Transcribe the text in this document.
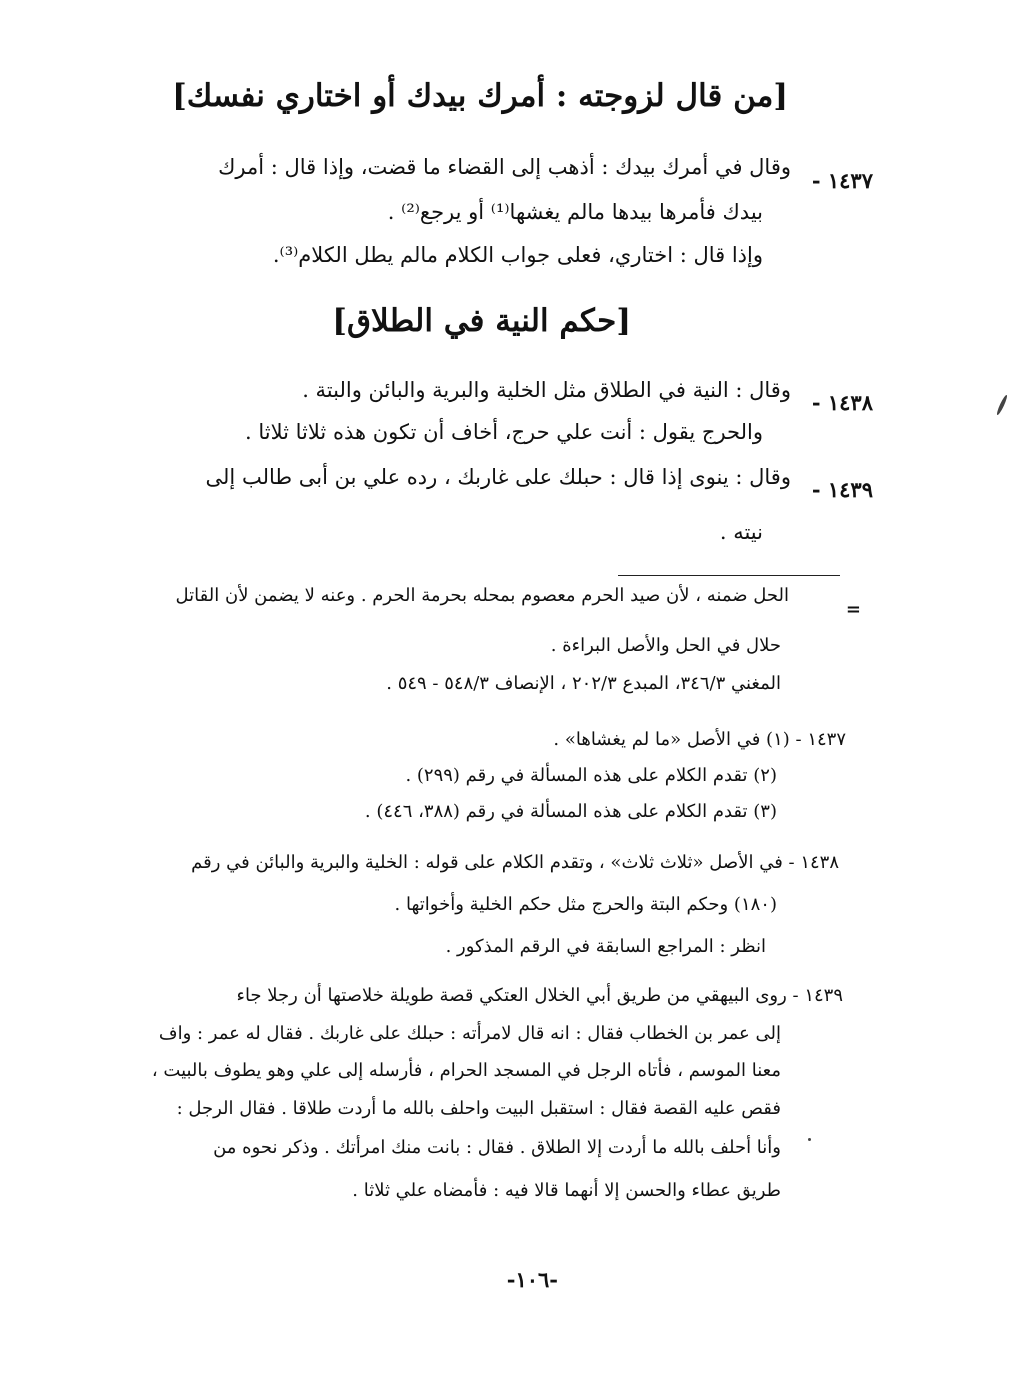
[من قال لزوجته : أمرك بيدك أو اختاري نفسك]
[حكم النية في الطلاق]
١٤٣٧ -
وقال في أمرك بيدك : أذهب إلى القضاء ما قضت، وإذا قال : أمرك
بيدك فأمرها بيدها مالم يغشها⁽¹⁾ أو يرجع⁽²⁾ .
وإذا قال : اختاري، فعلى جواب الكلام مالم يطل الكلام⁽³⁾.
١٤٣٨ -
وقال : النية في الطلاق مثل الخلية والبرية والبائن والبتة .
والحرج يقول : أنت علي حرج، أخاف أن تكون هذه ثلاثا ثلاثا .
١٤٣٩ -
وقال : ينوى إذا قال : حبلك على غاربك ، رده علي بن أبى طالب إلى
نيته .
=
الحل ضمنه ، لأن صيد الحرم معصوم بمحله بحرمة الحرم . وعنه لا يضمن لأن القاتل
حلال في الحل والأصل البراءة .
المغني ٣٤٦/٣، المبدع ٢٠٢/٣ ، الإنصاف ٥٤٨/٣ - ٥٤٩ .
١٤٣٧ - (١) في الأصل «ما لم يغشاها» .
(٢) تقدم الكلام على هذه المسألة في رقم (٢٩٩) .
(٣) تقدم الكلام على هذه المسألة في رقم (٣٨٨، ٤٤٦) .
١٤٣٨ - في الأصل «ثلاث ثلاث» ، وتقدم الكلام على قوله : الخلية والبرية والبائن في رقم
(١٨٠) وحكم البتة والحرج مثل حكم الخلية وأخواتها .
انظر : المراجع السابقة في الرقم المذكور .
١٤٣٩ - روى البيهقي من طريق أبي الخلال العتكي قصة طويلة خلاصتها أن رجلا جاء
إلى عمر بن الخطاب فقال : انه قال لامرأته : حبلك على غاربك . فقال له عمر : واف
معنا الموسم ، فأتاه الرجل في المسجد الحرام ، فأرسله إلى علي وهو يطوف بالبيت ،
فقص عليه القصة فقال : استقبل البيت واحلف بالله ما أردت طلاقا . فقال الرجل :
وأنا أحلف بالله ما أردت إلا الطلاق . فقال : بانت منك امرأتك . وذكر نحوه من
طريق عطاء والحسن إلا أنهما قالا فيه : فأمضاه علي ثلاثا .
-١٠٦-
